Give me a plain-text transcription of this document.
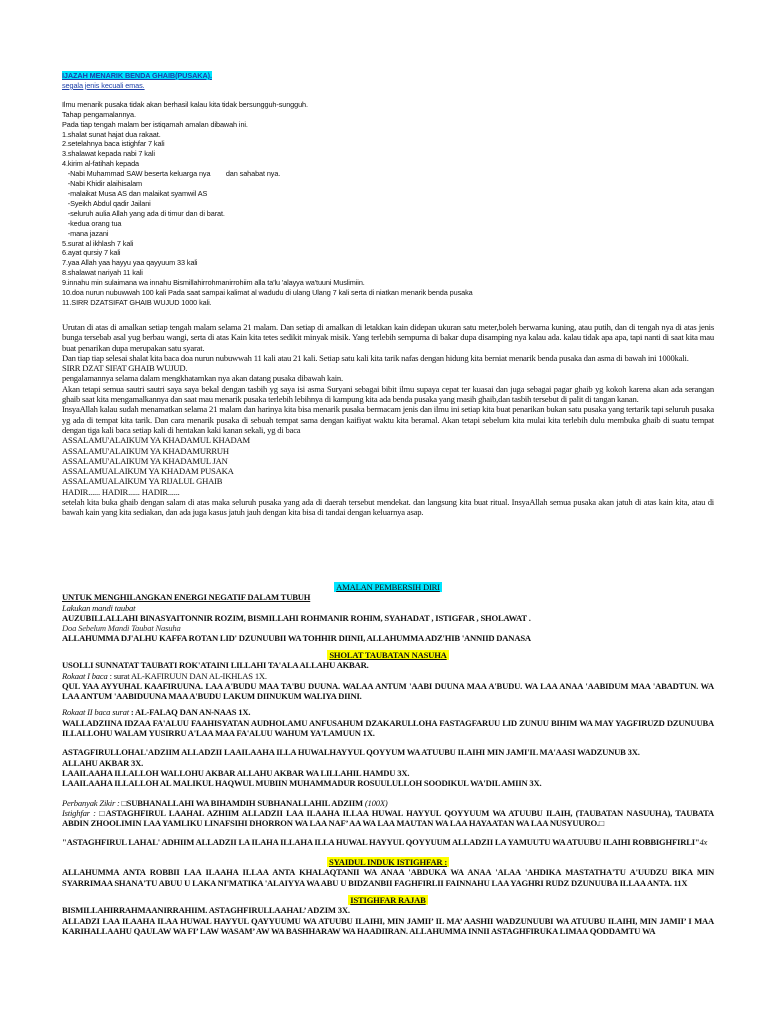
IJAZAH MENARIK BENDA GHAIB(PUSAKA).
segala jenis kecuali emas.
Ilmu menarik pusaka tidak akan berhasil kalau kita tidak bersungguh-sungguh.
Tahap pengamalannya.
Pada tiap tengah malam ber istiqamah amalan dibawah ini.
1.shalat sunat hajat dua rakaat.
2.setelahnya baca istighfar 7 kali
3.shalawat kepada nabi 7 kali
4.kirim al-fatihah kepada
-Nabi Muhammad SAW beserta keluarga nya        dan sahabat nya.
-Nabi Khidir alaihisalam
-malaikat Musa AS dan malaikat syamwil AS
-Syeikh Abdul qadir Jailani
-seluruh aulia Allah yang ada di timur dan di barat.
-kedua orang tua
-mana jazani
5.surat al ikhlash 7 kali
6.ayat qursiy 7 kali
7.yaa Allah yaa hayyu yaa qayyuum 33 kali
8.shalawat nariyah 11 kali
9.innahu min sulaimana wa innahu Bismillahirrohmanirrohiim alla ta'lu 'alayya wa'tuuni Muslimiin.
10.doa nurun nubuwwah 100 kali Pada saat sampai kalimat al wadudu di ulang Ulang 7 kali serta di niatkan menarik benda pusaka
11.SIRR DZATSIFAT GHAIB WUJUD 1000 kali.
Urutan di atas di amalkan setiap tengah malam selama 21 malam. Dan setiap di amalkan di letakkan kain didepan ukuran satu meter,boleh berwarna kuning, atau putih, dan di tengah nya di atas jenis bunga tersebab asal yug berbau wangi, serta di atas Kain kita tetes sedikit minyak misik. Yang terlebih sempurna di bakar dupa disamping nya kalau ada. kalau tidak apa apa, tapi nanti di saat kita mau buat penarikan dupa merupakan satu syarat.
Dan tiap tiap selesai shalat kita baca doa nurun nubuwwah 11 kali atau 21 kali. Setiap satu kali kita tarik nafas dengan hidung kita berniat menarik benda pusaka dan asma di bawah ini 1000kali.
SIRR DZAT SIFAT GHAIB WUJUD.
pengalamannya selama dalam mengkhatamkan nya akan datang pusaka dibawah kain.
Akan tetapi semua sautri sautri saya saya bekal dengan tasbih yg saya isi asma Suryani sebagai bibit ilmu supaya cepat ter kuasai dan juga sebagai pagar ghaib yg kokoh karena akan ada serangan ghaib saat kita mengamalkannya dan saat mau menarik pusaka terlebih lebihnya di kampung kita ada benda pusaka yang masih ghaib,dan tasbih tersebut di palit di tangan kanan.
InsyaAllah kalau sudah menamatkan selama 21 malam dan harinya kita bisa menarik pusaka bermacam jenis dan ilmu ini setiap kita buat penarikan bukan satu pusaka yang tertarik tapi seluruh pusaka yg ada di tempat kita tarik. Dan cara menarik pusaka di sebuah tempat sama dengan kaifiyat waktu kita beramal. Akan tetapi sebelum kita mulai kita terlebih dulu membuka ghaib di suatu tempat dengan tiga kali baca setiap kali di hentakan kaki kanan sekali, yg di baca
ASSALAMU'ALAIKUM YA KHADAMUL KHADAM
ASSALAMU'ALAIKUM YA KHADAMURRUH
ASSALAMU'ALAIKUM YA KHADAMUL JAN
ASSALAMUALAIKUM YA KHADAM PUSAKA
ASSALAMUALAIKUM YA RIJALUL GHAIB
HADIR...... HADIR...... HADIR......
setelah kita buka ghaib dengan salam di atas maka seluruh pusaka yang ada di daerah tersebut mendekat. dan langsung kita buat ritual. InsyaAllah semua pusaka akan jatuh di atas kain kita, atau di bawah kain yang kita sediakan, dan ada juga kasus jatuh jauh dengan kita bisa di tandai dengan keluarnya asap.
AMALAN PEMBERSIH DIRI
UNTUK MENGHILANGKAN ENERGI NEGATIF DALAM TUBUH
Lakukan mandi taubat
AUZUBILLALLAHI BINASYAITONNIR ROZIM, BISMILLAHI ROHMANIR ROHIM, SYAHADAT , ISTIGFAR , SHOLAWAT .
Doa Sebelum Mandi Taubat Nasuha
ALLAHUMMA DJ'ALHU KAFFA ROTAN LID' DZUNUUBII WA TOHHIR DIINII, ALLAHUMMA ADZ'HIB 'ANNIID DANASA
SHOLAT TAUBATAN NASUHA
USOLLI SUNNATAT TAUBATI ROK'ATAINI LILLAHI TA'ALA ALLAHU AKBAR.
Rokaat I baca : surat AL-KAFIRUUN DAN AL-IKHLAS 1X.
QUL YAA AYYUHAL KAAFIRUUNA. LAA A'BUDU MAA TA'BU DUUNA. WALAA ANTUM 'AABI DUUNA MAA A'BUDU. WA LAA ANAA 'AABIDUM MAA 'ABADTUN. WA LAA ANTUM 'AABIDUUNA MAA A'BUDU LAKUM DIINUKUM WALIYA DIINI.
Rokaat II baca surat : AL-FALAQ DAN AN-NAAS 1X.
WALLADZIINA IDZAA FA'ALUU FAAHISYATAN AUDHOLAMU ANFUSAHUM DZAKARULLOHA FASTAGFARUU LID ZUNUU BIHIM WA MAY YAGFIRUZD DZUNUUBA ILLALLOHU WALAM YUSIRRU A'LAA MAA FA'ALUU WAHUM YA'LAMUUN 1X.
ASTAGFIRULLOHAL'ADZIIM ALLADZII LAAILAAHA ILLA HUWALHAYYUL QOYYUM WA ATUUBU ILAIHI MIN JAMI'IL MA'AASI WADZUNUB 3X.
ALLAHU AKBAR 3X.
LAAILAAHA ILLALLOH WALLOHU AKBAR ALLAHU AKBAR WA LILLAHIL HAMDU 3X.
LAAILAAHA ILLALLOH AL MALIKUL HAQWUL MUBIIN MUHAMMADUR ROSUULULLOH SOODIKUL WA'DIL AMIIN 3X.
Perbanyak Zikir : □SUBHANALLAHI WA BIHAMDIH SUBHANALLAHIL ADZIIM (100X)
Istighfar : □ASTAGHFIRUL LAAHAL AZHIIM ALLADZII LAA ILAAHA ILLAA HUWAL HAYYUL QOYYUUM WA ATUUBU ILAIH, (TAUBATAN NASUUHA), TAUBATA ABDIN ZHOOLIMIN LAA YAMLIKU LINAFSIHI DHORRON WA LAA NAF’ AA WA LAA MAUTAN WA LAA HAYAATAN WA LAA NUSYUURO.□
"ASTAGHFIRUL LAHAL' ADHIIM ALLADZII LA ILAHA ILLAHA ILLA HUWAL HAYYUL QOYYUUM ALLADZII LA YAMUUTU WA ATUUBU ILAIHI ROBBIGHFIRLI"4x
SYAIDUL INDUK ISTIGHFAR :
ALLAHUMMA ANTA ROBBII LAA ILAAHA ILLAA ANTA KHALAQTANII WA ANAA 'ABDUKA WA ANAA 'ALAA 'AHDIKA MASTATHA'TU A'UUDZU BIKA MIN SYARRIMAA SHANA'TU ABUU U LAKA NI'MATIKA 'ALAIYYA WA ABU U BIDZANBII FAGHFIRLII FAINNAHU LAA YAGHRI RUDZ DZUNUUBA ILLAA ANTA. 11X
ISTIGHFAR RAJAB
BISMILLAHIRRAHMAANIRRAHIIM. ASTAGHFIRULLAAHAL’ ADZIM 3X.
ALLADZI LAA ILAAHA ILAA HUWAL HAYYUL QAYYUUMU WA ATUUBU ILAIHI, MIN JAMII’ IL MA’ AASHII WADZUNUUBI WA ATUUBU ILAIHI, MIN JAMII’ I MAA KARIHALLAAHU QAULAW WA FI’ LAW WASAM’ AW WA BASHHARAW WA HAADIIRAN. ALLAHUMMA INNII ASTAGHFIRUKA LIMAA QODDAMTU WA
